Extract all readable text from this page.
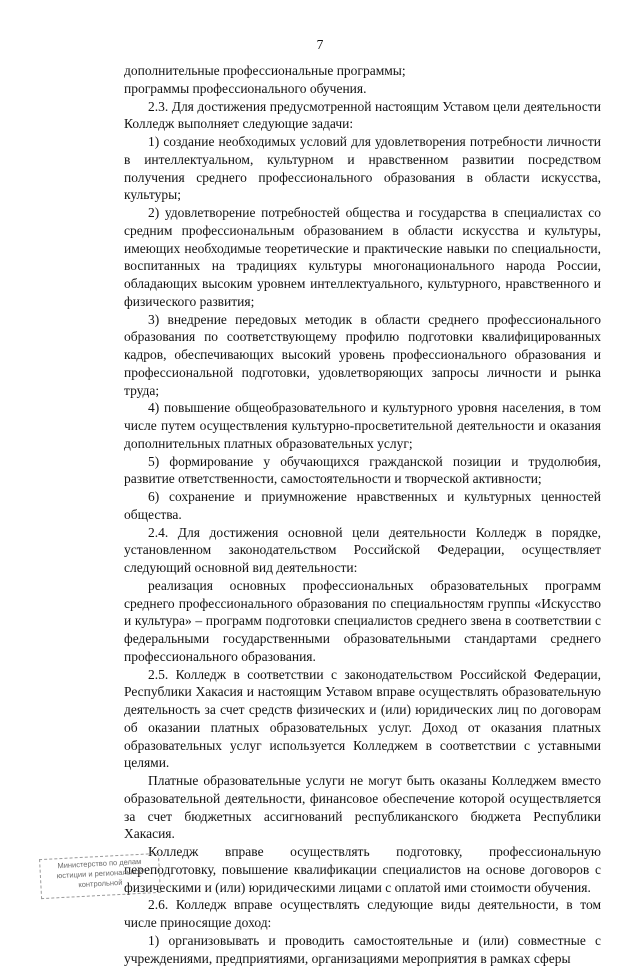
7

дополнительные профессиональные программы;

программы профессионального обучения.

2.3. Для достижения предусмотренной настоящим Уставом цели деятельности Колледж выполняет следующие задачи:

1) создание необходимых условий для удовлетворения потребности личности в интеллектуальном, культурном и нравственном развитии посредством получения среднего профессионального образования в области искусства, культуры;

2) удовлетворение потребностей общества и государства в специалистах со средним профессиональным образованием в области искусства и культуры, имеющих необходимые теоретические и практические навыки по специальности, воспитанных на традициях культуры многонационального народа России, обладающих высоким уровнем интеллектуального, культурного, нравственного и физического развития;

3) внедрение передовых методик в области среднего профессионального образования по соответствующему профилю подготовки квалифицированных кадров, обеспечивающих высокий уровень профессионального образования и профессиональной подготовки, удовлетворяющих запросы личности и рынка труда;

4) повышение общеобразовательного и культурного уровня населения, в том числе путем осуществления культурно-просветительной деятельности и оказания дополнительных платных образовательных услуг;

5) формирование у обучающихся гражданской позиции и трудолюбия, развитие ответственности, самостоятельности и творческой активности;

6) сохранение и приумножение нравственных и культурных ценностей общества.

2.4. Для достижения основной цели деятельности Колледж в порядке, установленном законодательством Российской Федерации, осуществляет следующий основной вид деятельности:

реализация основных профессиональных образовательных программ среднего профессионального образования по специальностям группы «Искусство и культура» – программ подготовки специалистов среднего звена в соответствии с федеральными государственными образовательными стандартами среднего профессионального образования.

2.5. Колледж в соответствии с законодательством Российской Федерации, Республики Хакасия и настоящим Уставом вправе осуществлять образовательную деятельность за счет средств физических и (или) юридических лиц по договорам об оказании платных образовательных услуг. Доход от оказания платных образовательных услуг используется Колледжем в соответствии с уставными целями.

Платные образовательные услуги не могут быть оказаны Колледжем вместо образовательной деятельности, финансовое обеспечение которой осуществляется за счет бюджетных ассигнований республиканского бюджета Республики Хакасия.

Колледж вправе осуществлять подготовку, профессиональную переподготовку, повышение квалификации специалистов на основе договоров с физическими и (или) юридическими лицами с оплатой ими стоимости обучения.

2.6. Колледж вправе осуществлять следующие виды деятельности, в том числе приносящие доход:

1) организовывать и проводить самостоятельные и (или) совместные с учреждениями, предприятиями, организациями мероприятия в рамках сферы

Министерство по делам
юстиции и региональной
контрольной
